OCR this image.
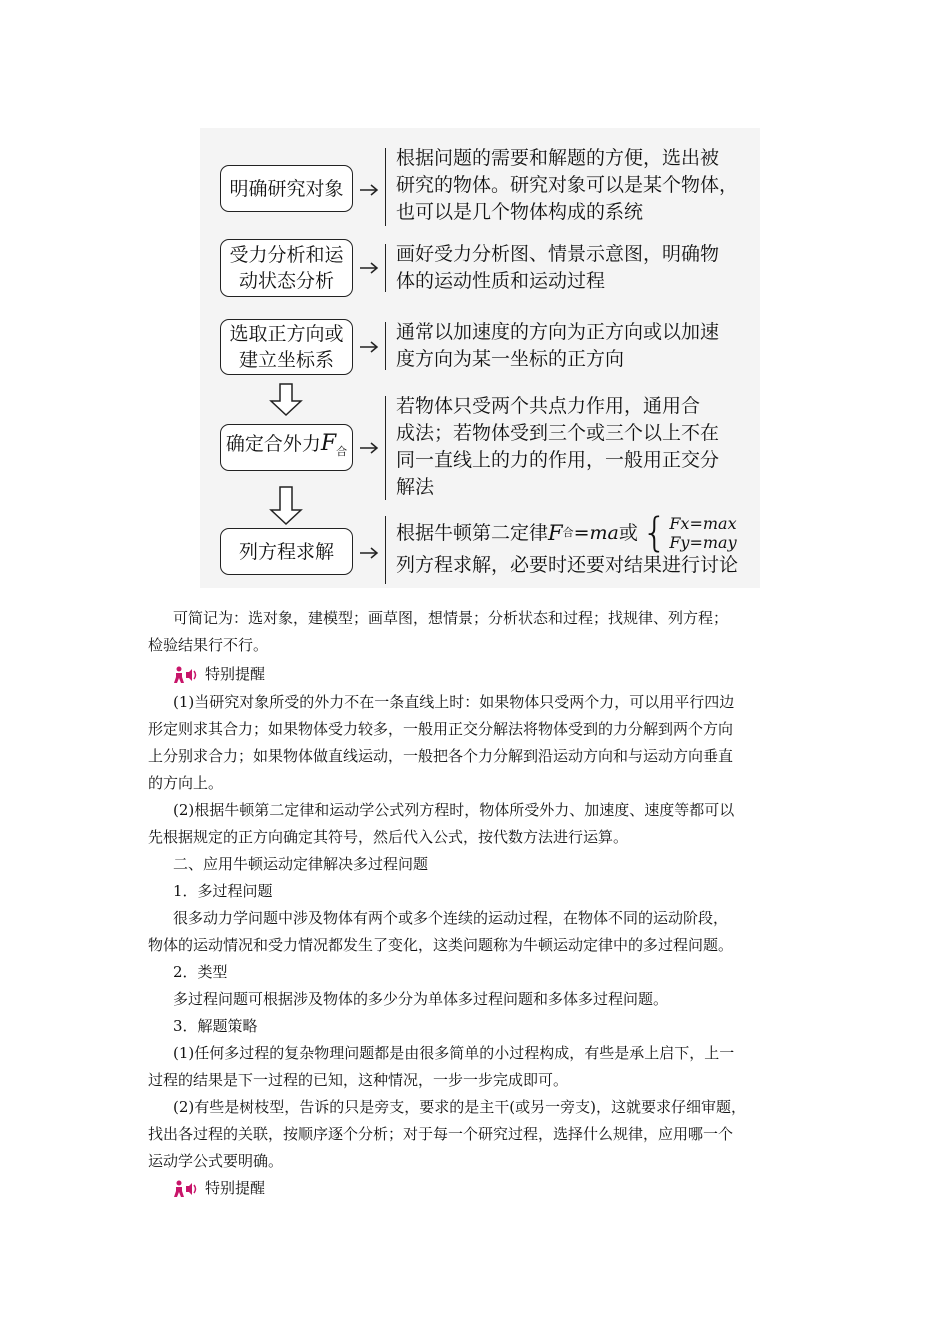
明确研究对象
根据问题的需要和解题的方便，选出被
研究的物体。研究对象可以是某个物体，
也可以是几个物体构成的系统
受力分析和运
动状态分析
画好受力分析图、情景示意图，明确物
体的运动性质和运动过程
选取正方向或
建立坐标系
通常以加速度的方向为正方向或以加速
度方向为某一坐标的正方向
确定合外力$F_合$
若物体只受两个共点力作用，通用合
成法；若物体受到三个或三个以上不在
同一直线上的力的作用，一般用正交分
解法
列方程求解
根据牛顿第二定律 F 合 =ma 或 { Fx=max
Fy=may
列方程求解，必要时还要对结果进行讨论
可简记为：选对象，建模型；画草图，想情景；分析状态和过程；找规律、列方程；
检验结果行不行。
特别提醒
(1)当研究对象所受的外力不在一条直线上时：如果物体只受两个力，可以用平行四边
形定则求其合力；如果物体受力较多，一般用正交分解法将物体受到的力分解到两个方向
上分别求合力；如果物体做直线运动，一般把各个力分解到沿运动方向和与运动方向垂直
的方向上。
(2)根据牛顿第二定律和运动学公式列方程时，物体所受外力、加速度、速度等都可以
先根据规定的正方向确定其符号，然后代入公式，按代数方法进行运算。
二、应用牛顿运动定律解决多过程问题
1．多过程问题
很多动力学问题中涉及物体有两个或多个连续的运动过程，在物体不同的运动阶段，
物体的运动情况和受力情况都发生了变化，这类问题称为牛顿运动定律中的多过程问题。
2．类型
多过程问题可根据涉及物体的多少分为单体多过程问题和多体多过程问题。
3．解题策略
(1)任何多过程的复杂物理问题都是由很多简单的小过程构成，有些是承上启下，上一
过程的结果是下一过程的已知，这种情况，一步一步完成即可。
(2)有些是树枝型，告诉的只是旁支，要求的是主干(或另一旁支)，这就要求仔细审题，
找出各过程的关联，按顺序逐个分析；对于每一个研究过程，选择什么规律，应用哪一个
运动学公式要明确。
特别提醒
